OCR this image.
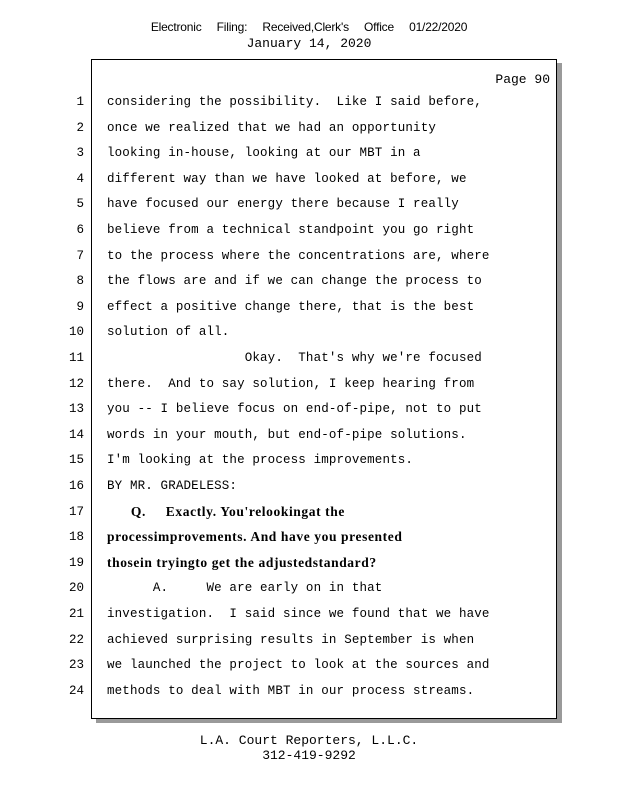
Electronic Filing: Received,Clerk's Office 01/22/2020
January 14, 2020
Page 90
1 considering the possibility.  Like I said before,
2 once we realized that we had an opportunity
3 looking in-house, looking at our MBT in a
4 different way than we have looked at before, we
5 have focused our energy there because I really
6 believe from a technical standpoint you go right
7 to the process where the concentrations are, where
8 the flows are and if we can change the process to
9 effect a positive change there, that is the best
10 solution of all.
11 Okay.  That's why we're focused
12 there.  And to say solution, I keep hearing from
13 you -- I believe focus on end-of-pipe, not to put
14 words in your mouth, but end-of-pipe solutions.
15 I'm looking at the process improvements.
16 BY MR. GRADELESS:
17 Q.     Exactly. You'relookingat the
18 processimprovements. And have you presented
19 thosein tryingto get the adjustedstandard?
20 A.     We are early on in that
21 investigation.  I said since we found that we have
22 achieved surprising results in September is when
23 we launched the project to look at the sources and
24 methods to deal with MBT in our process streams.
L.A. Court Reporters, L.L.C.
312-419-9292
